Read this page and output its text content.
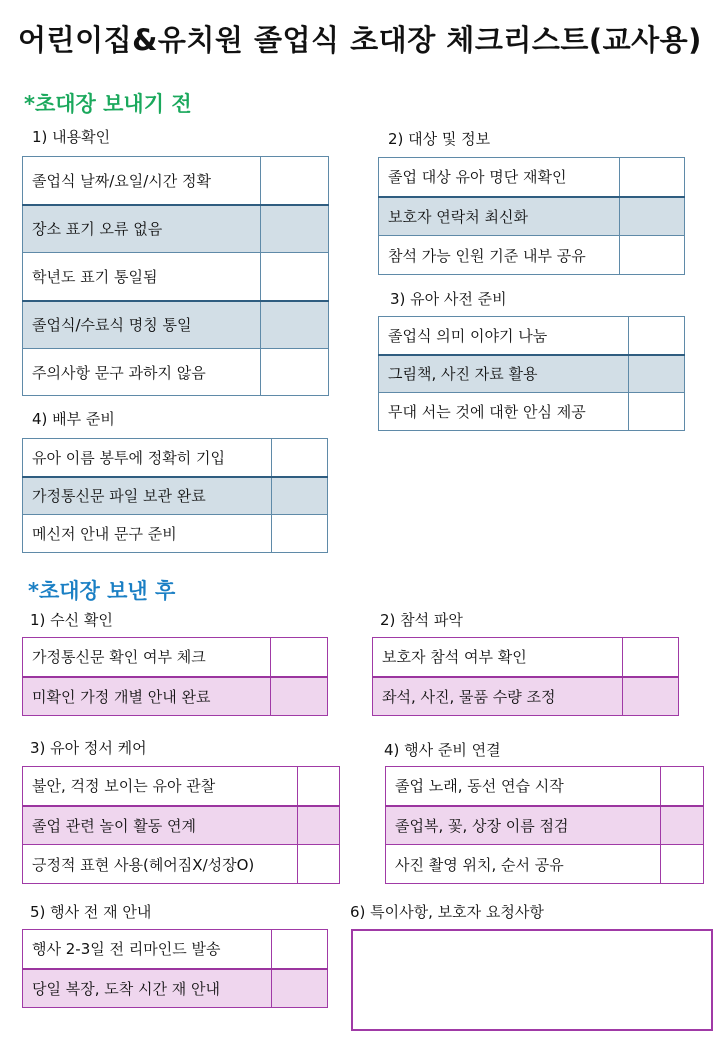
어린이집&유치원 졸업식 초대장 체크리스트(교사용)
*초대장 보내기 전
1) 내용확인
졸업식 날짜/요일/시간 정확	
장소 표기 오류 없음	
학년도 표기 통일됨	
졸업식/수료식 명칭 통일	
주의사항 문구 과하지 않음	
2) 대상 및 정보
졸업 대상 유아 명단 재확인	
보호자 연락처 최신화	
참석 가능 인원 기준 내부 공유	
3) 유아 사전 준비
졸업식 의미 이야기 나눔	
그림책, 사진 자료 활용	
무대 서는 것에 대한 안심 제공	
4) 배부 준비
유아 이름 봉투에 정확히 기입	
가정통신문 파일 보관 완료	
메신저 안내 문구 준비	
*초대장 보낸 후
1) 수신 확인
가정통신문 확인 여부 체크	
미확인 가정 개별 안내 완료	
2) 참석 파악
보호자 참석 여부 확인	
좌석, 사진, 물품 수량 조정	
3) 유아 정서 케어
불안, 걱정 보이는 유아 관찰	
졸업 관련 놀이 활동 연계	
긍정적 표현 사용(헤어짐X/성장O)	
4) 행사 준비 연결
졸업 노래, 동선 연습 시작	
졸업복, 꽃, 상장 이름 점검	
사진 촬영 위치, 순서 공유	
5) 행사 전 재 안내
행사 2-3일 전 리마인드 발송	
당일 복장, 도착 시간 재 안내	
6) 특이사항, 보호자 요청사항
